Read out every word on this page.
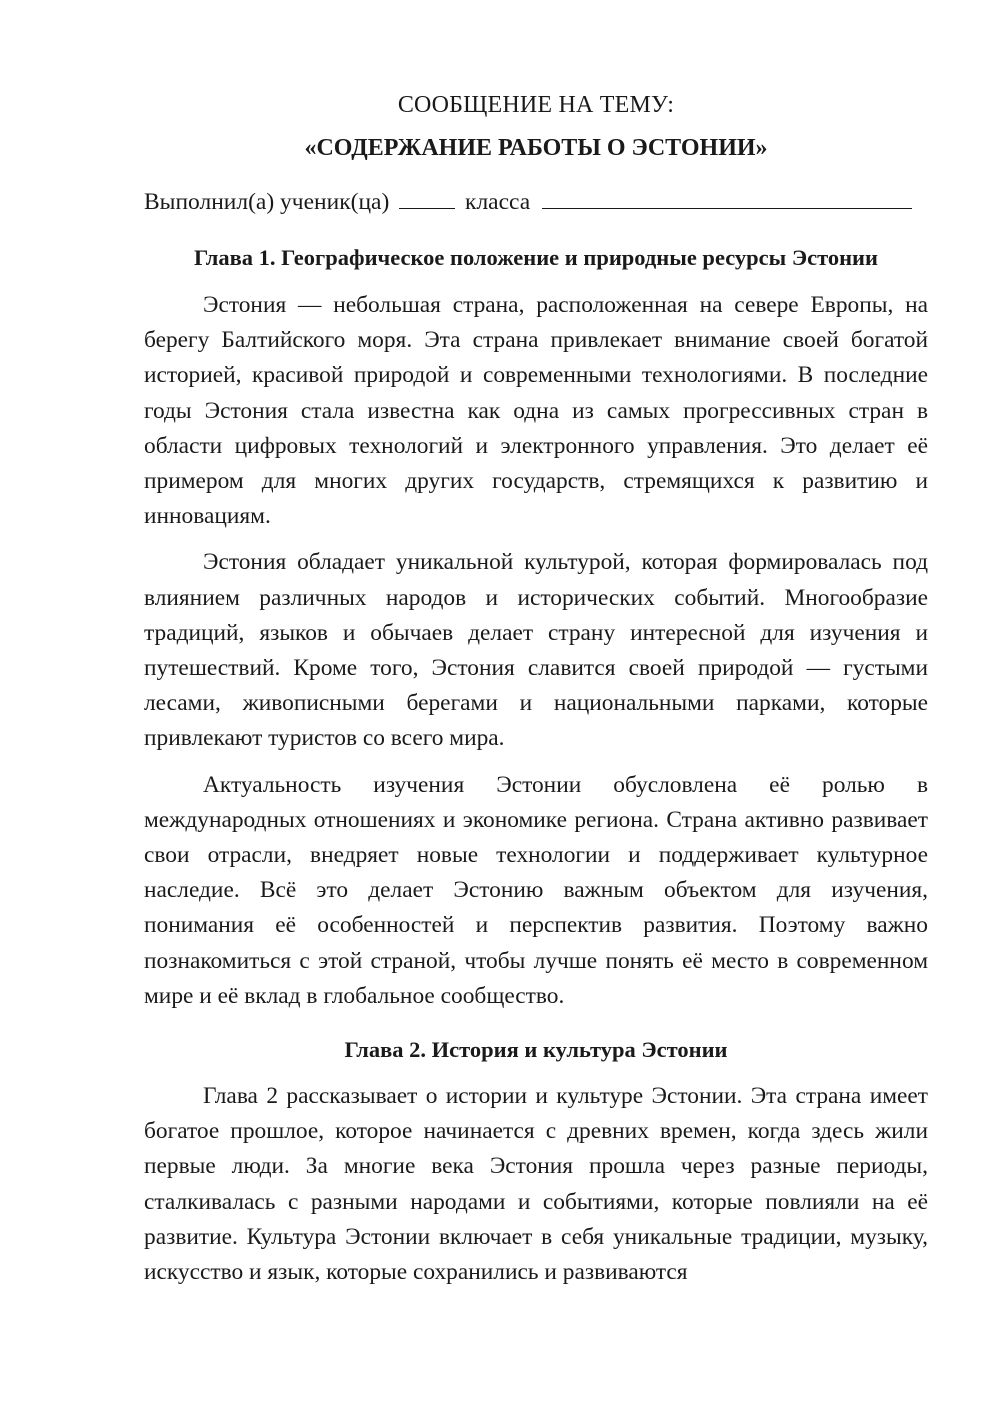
СООБЩЕНИЕ НА ТЕМУ:

«СОДЕРЖАНИЕ РАБОТЫ О ЭСТОНИИ»

Выполнил(а) ученик(ца)	класса

Глава 1. Географическое положение и природные ресурсы Эстонии

Эстония — небольшая страна, расположенная на севере Европы, на берегу Балтийского моря. Эта страна привлекает внимание своей богатой историей, красивой природой и современными технологиями. В последние годы Эстония стала известна как одна из самых прогрессивных стран в области цифровых технологий и электронного управления. Это делает её примером для многих других государств, стремящихся к развитию и инновациям.

Эстония обладает уникальной культурой, которая формировалась под влиянием различных народов и исторических событий. Многообразие традиций, языков и обычаев делает страну интересной для изучения и путешествий. Кроме того, Эстония славится своей природой — густыми лесами, живописными берегами и национальными парками, которые привлекают туристов со всего мира.

Актуальность изучения Эстонии обусловлена её ролью в международных отношениях и экономике региона. Страна активно развивает свои отрасли, внедряет новые технологии и поддерживает культурное наследие. Всё это делает Эстонию важным объектом для изучения, понимания её особенностей и перспектив развития. Поэтому важно познакомиться с этой страной, чтобы лучше понять её место в современном мире и её вклад в глобальное сообщество.

Глава 2. История и культура Эстонии

Глава 2 рассказывает о истории и культуре Эстонии. Эта страна имеет богатое прошлое, которое начинается с древних времен, когда здесь жили первые люди. За многие века Эстония прошла через разные периоды, сталкивалась с разными народами и событиями, которые повлияли на её развитие. Культура Эстонии включает в себя уникальные традиции, музыку, искусство и язык, которые сохранились и развиваются
